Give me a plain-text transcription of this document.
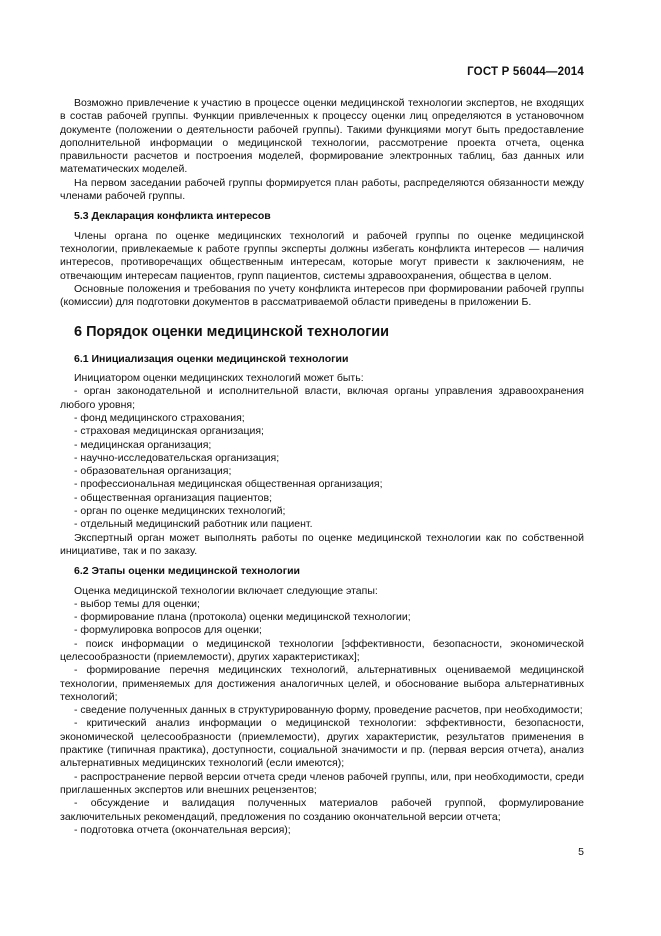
ГОСТ Р 56044—2014

Возможно привлечение к участию в процессе оценки медицинской технологии экспертов, не входящих в состав рабочей группы. Функции привлеченных к процессу оценки лиц определяются в установочном документе (положении о деятельности рабочей группы). Такими функциями могут быть предоставление дополнительной информации о медицинской технологии, рассмотрение проекта отчета, оценка правильности расчетов и построения моделей, формирование электронных таблиц, баз данных или математических моделей.

На первом заседании рабочей группы формируется план работы, распределяются обязанности между членами рабочей группы.

5.3 Декларация конфликта интересов

Члены органа по оценке медицинских технологий и рабочей группы по оценке медицинской технологии, привлекаемые к работе группы эксперты должны избегать конфликта интересов — наличия интересов, противоречащих общественным интересам, которые могут привести к заключениям, не отвечающим интересам пациентов, групп пациентов, системы здравоохранения, общества в целом.

Основные положения и требования по учету конфликта интересов при формировании рабочей группы (комиссии) для подготовки документов в рассматриваемой области приведены в приложении Б.

6 Порядок оценки медицинской технологии

6.1 Инициализация оценки медицинской технологии

Инициатором оценки медицинских технологий может быть:

- орган законодательной и исполнительной власти, включая органы управления здравоохранения любого уровня;
- фонд медицинского страхования;
- страховая медицинская организация;
- медицинская организация;
- научно-исследовательская организация;
- образовательная организация;
- профессиональная медицинская общественная организация;
- общественная организация пациентов;
- орган по оценке медицинских технологий;
- отдельный медицинский работник или пациент.

Экспертный орган может выполнять работы по оценке медицинской технологии как по собственной инициативе, так и по заказу.

6.2 Этапы оценки медицинской технологии

Оценка медицинской технологии включает следующие этапы:

- выбор темы для оценки;
- формирование плана (протокола) оценки медицинской технологии;
- формулировка вопросов для оценки;
- поиск информации о медицинской технологии [эффективности, безопасности, экономической целесообразности (приемлемости), других характеристиках];
- формирование перечня медицинских технологий, альтернативных оцениваемой медицинской технологии, применяемых для достижения аналогичных целей, и обоснование выбора альтернативных технологий;
- сведение полученных данных в структурированную форму, проведение расчетов, при необходимости;
- критический анализ информации о медицинской технологии: эффективности, безопасности, экономической целесообразности (приемлемости), других характеристик, результатов применения в практике (типичная практика), доступности, социальной значимости и пр. (первая версия отчета), анализ альтернативных медицинских технологий (если имеются);
- распространение первой версии отчета среди членов рабочей группы, или, при необходимости, среди приглашенных экспертов или внешних рецензентов;
- обсуждение и валидация полученных материалов рабочей группой, формулирование заключительных рекомендаций, предложения по созданию окончательной версии отчета;
- подготовка отчета (окончательная версия);
5
